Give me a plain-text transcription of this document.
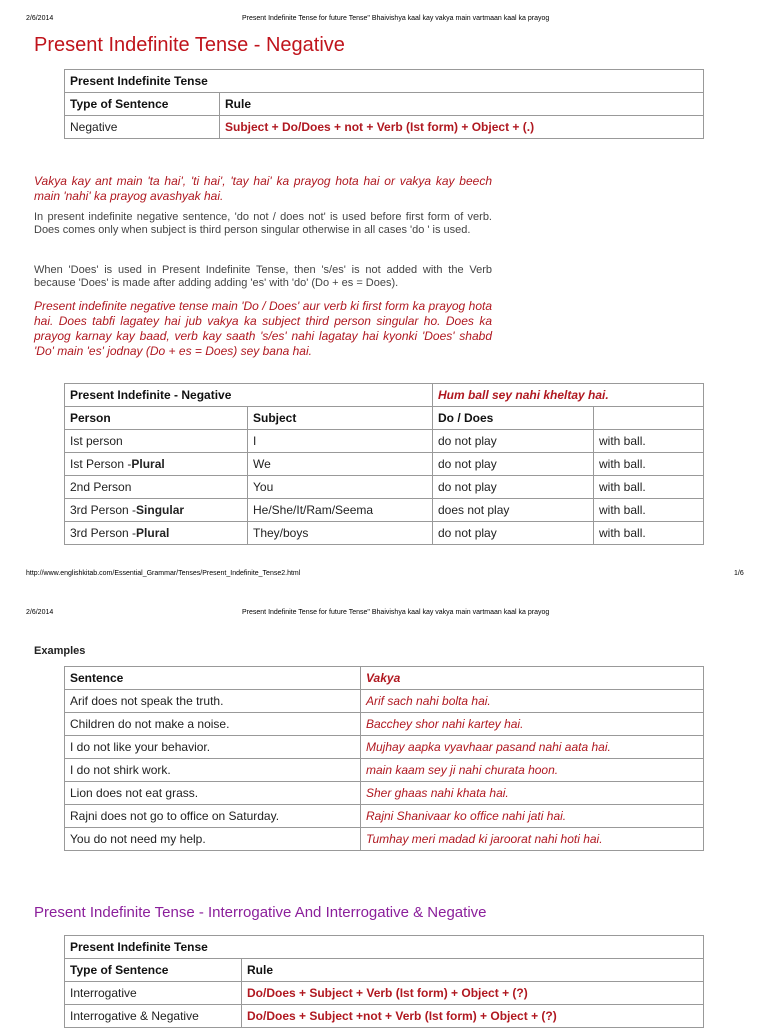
2/6/2014	Present Indefinite Tense for future Tense" Bhaivishya kaal kay vakya main vartmaan kaal ka prayog
Present Indefinite Tense - Negative
Present Indefinite Tense	
Type of Sentence	Rule
Negative	Subject + Do/Does + not + Verb (Ist form) + Object + (.)

Vakya kay ant main 'ta hai', 'ti hai', 'tay hai' ka prayog hota hai or vakya kay beech main 'nahi' ka prayog avashyak hai.

In present indefinite negative sentence, 'do not / does not' is used before first form of verb. Does comes only when subject is third person singular otherwise in all cases 'do ' is used.

When 'Does' is used in Present Indefinite Tense, then 's/es' is not added with the Verb because 'Does' is made after adding adding 'es' with 'do' (Do + es = Does).

Present indefinite negative tense main 'Do / Does' aur verb ki first form ka prayog hota hai. Does tabfi lagatey hai jub vakya ka subject third person singular ho. Does ka prayog karnay kay baad, verb kay saath 's/es' nahi lagatay hai kyonki 'Does' shabd 'Do' main 'es' jodnay (Do + es = Does) sey bana hai.

Present Indefinite - Negative		Hum ball sey nahi kheltay hai.	
Person	Subject	Do / Does	
Ist person	I	do not play	with ball.
Ist Person -Plural	We	do not play	with ball.
2nd Person	You	do not play	with ball.
3rd Person -Singular	He/She/It/Ram/Seema	does not play	with ball.
3rd Person -Plural	They/boys	do not play	with ball.
http://www.englishkitab.com/Essential_Grammar/Tenses/Present_Indefinite_Tense2.html	1/6
2/6/2014	Present Indefinite Tense for future Tense" Bhaivishya kaal kay vakya main vartmaan kaal ka prayog
Examples
Sentence	Vakya
Arif does not speak the truth.	Arif sach nahi bolta hai.
Children do not make a noise.	Bacchey shor nahi kartey hai.
I do not like your behavior.	Mujhay aapka vyavhaar pasand nahi aata hai.
I do not shirk work.	main kaam sey ji nahi churata hoon.
Lion does not eat grass.	Sher ghaas nahi khata hai.
Rajni does not go to office on Saturday.	Rajni Shanivaar ko office nahi jati hai.
You do not need my help.	Tumhay meri madad ki jaroorat nahi hoti hai.
Present Indefinite Tense - Interrogative And Interrogative & Negative
Present Indefinite Tense	
Type of Sentence	Rule
Interrogative	Do/Does + Subject + Verb (Ist form) + Object + (?)
Interrogative & Negative	Do/Does + Subject +not + Verb (Ist form) + Object + (?)
